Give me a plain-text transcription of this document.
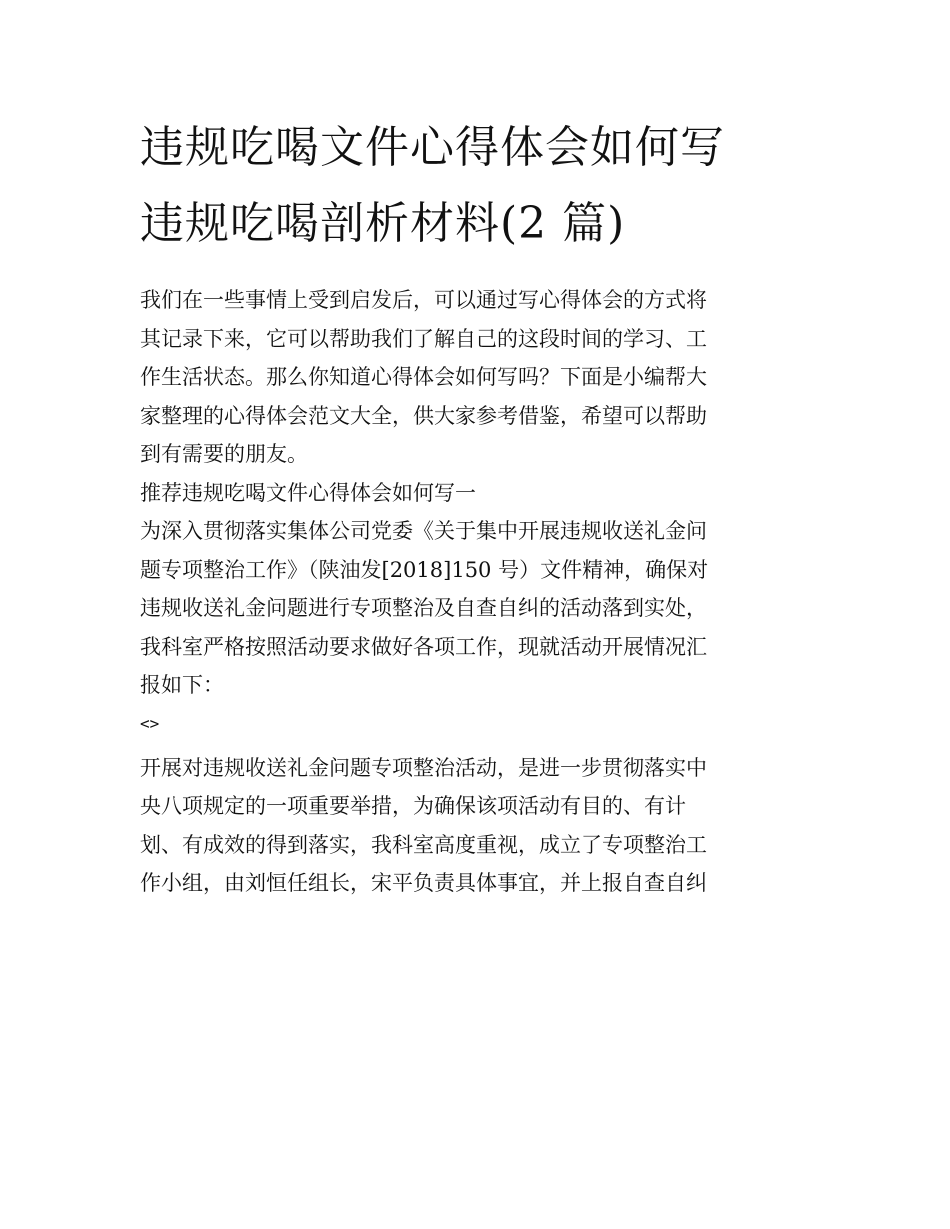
违规吃喝文件心得体会如何写
违规吃喝剖析材料(2 篇)

我们在一些事情上受到启发后，可以通过写心得体会的方式将
其记录下来，它可以帮助我们了解自己的这段时间的学习、工
作生活状态。那么你知道心得体会如何写吗？下面是小编帮大
家整理的心得体会范文大全，供大家参考借鉴，希望可以帮助
到有需要的朋友。

推荐违规吃喝文件心得体会如何写一

为深入贯彻落实集体公司党委《关于集中开展违规收送礼金问
题专项整治工作》（陕油发[2018]150 号）文件精神，确保对
违规收送礼金问题进行专项整治及自查自纠的活动落到实处，
我科室严格按照活动要求做好各项工作，现就活动开展情况汇
报如下：

<>

开展对违规收送礼金问题专项整治活动，是进一步贯彻落实中
央八项规定的一项重要举措，为确保该项活动有目的、有计
划、有成效的得到落实，我科室高度重视，成立了专项整治工
作小组，由刘恒任组长，宋平负责具体事宜，并上报自查自纠
